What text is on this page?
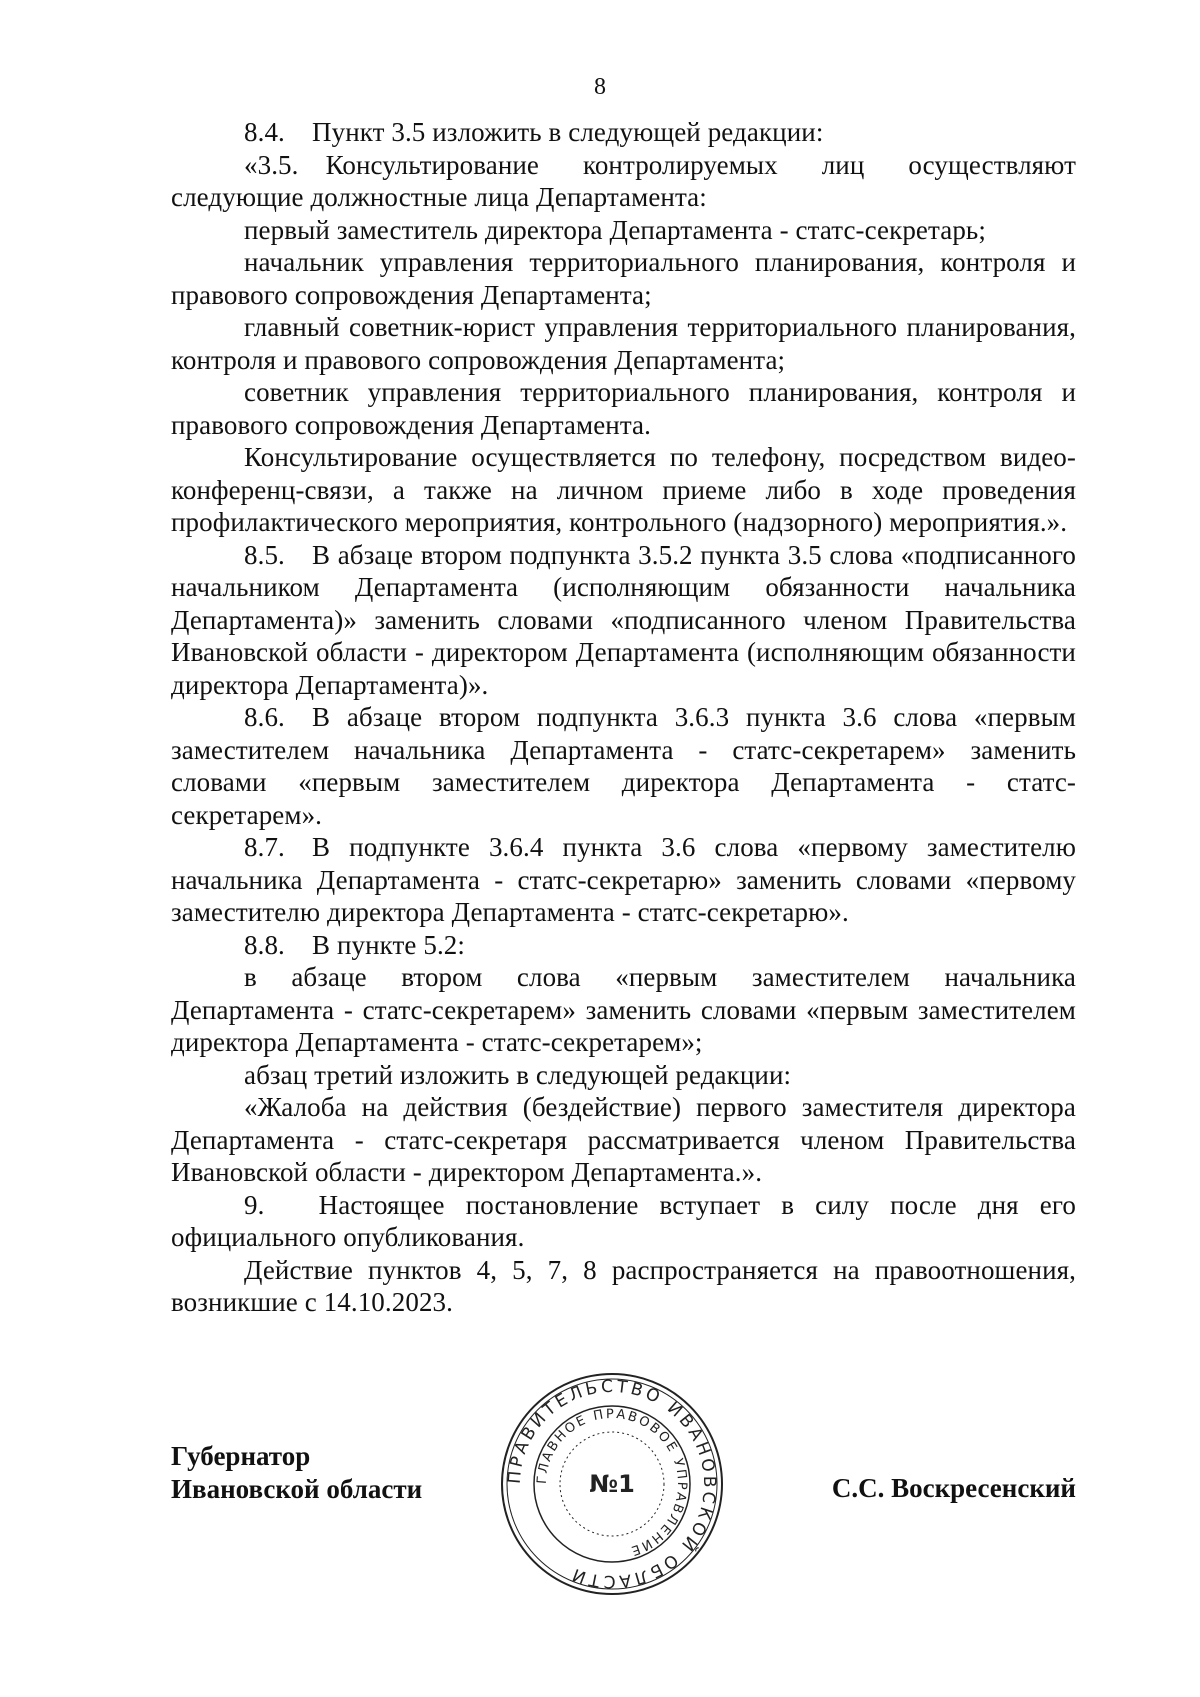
8

8.4. Пункт 3.5 изложить в следующей редакции:

«3.5. Консультирование контролируемых лиц осуществляют следующие должностные лица Департамента:

первый заместитель директора Департамента - статс-секретарь;

начальник управления территориального планирования, контроля и правового сопровождения Департамента;

главный советник-юрист управления территориального планирования, контроля и правового сопровождения Департамента;

советник управления территориального планирования, контроля и правового сопровождения Департамента.

Консультирование осуществляется по телефону, посредством видео-конференц-связи, а также на личном приеме либо в ходе проведения профилактического мероприятия, контрольного (надзорного) мероприятия.».

8.5. В абзаце втором подпункта 3.5.2 пункта 3.5 слова «подписанного начальником Департамента (исполняющим обязанности начальника Департамента)» заменить словами «подписанного членом Правительства Ивановской области - директором Департамента (исполняющим обязанности директора Департамента)».

8.6. В абзаце втором подпункта 3.6.3 пункта 3.6 слова «первым заместителем начальника Департамента - статс-секретарем» заменить словами «первым заместителем директора Департамента - статс-секретарем».

8.7. В подпункте 3.6.4 пункта 3.6 слова «первому заместителю начальника Департамента - статс-секретарю» заменить словами «первому заместителю директора Департамента - статс-секретарю».

8.8. В пункте 5.2:

в абзаце втором слова «первым заместителем начальника Департамента - статс-секретарем» заменить словами «первым заместителем директора Департамента - статс-секретарем»;

абзац третий изложить в следующей редакции:

«Жалоба на действия (бездействие) первого заместителя директора Департамента - статс-секретаря рассматривается членом Правительства Ивановской области - директором Департамента.».

9.  Настоящее постановление вступает в силу после дня его официального опубликования.

Действие пунктов 4, 5, 7, 8 распространяется на правоотношения, возникшие с 14.10.2023.

ПРАВИТЕЛЬСТВО ИВАНОВСКОЙ ОБЛАСТИ
ГЛАВНОЕ ПРАВОВОЕ УПРАВЛЕНИЕ
№1
Губернатор
Ивановской области	С.С. Воскресенский
